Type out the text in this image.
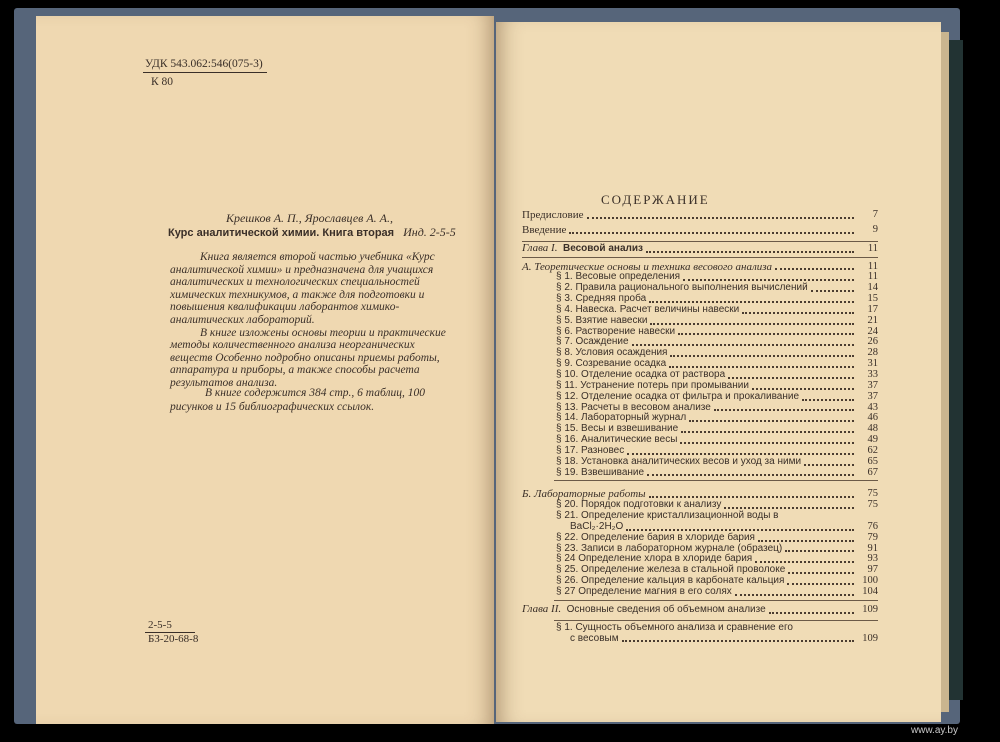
УДК 543.062:546(075-3)
К 80
Крешков А. П., Ярославцев А. А.,
Курс аналитической химии. Книга вторая Инд. 2-5-5

Книга является второй частью учебника «Курс аналитической химии» и предназначена для учащихся аналитических и технологических специальностей химических техникумов, а также для подготовки и повышения квалификации лаборантов химико-аналитических лабораторий.

В книге изложены основы теории и практические методы количественного анализа неорганических веществ Особенно подробно описаны приемы работы, аппаратура и приборы, а также способы расчета результатов анализа.

В книге содержится 384 стр., 6 таблиц, 100 рисунков и 15 библиографических ссылок.
2-5-5
БЗ-20-68-8
СОДЕРЖАНИЕ
Предисловие	7
Введение	9
Глава I. Весовой анализ	11
А. Теоретические основы и техника весового анализа	11
§ 1. Весовые определения	11
§ 2. Правила рационального выполнения вычислений	14
§ 3. Средняя проба	15
§ 4. Навеска. Расчет величины навески	17
§ 5. Взятие навески	21
§ 6. Растворение навески	24
§ 7. Осаждение	26
§ 8. Условия осаждения	28
§ 9. Созревание осадка	31
§ 10. Отделение осадка от раствора	33
§ 11. Устранение потерь при промывании	37
§ 12. Отделение осадка от фильтра и прокаливание	37
§ 13. Расчеты в весовом анализе	43
§ 14. Лабораторный журнал	46
§ 15. Весы и взвешивание	48
§ 16. Аналитические весы	49
§ 17. Разновес	62
§ 18. Установка аналитических весов и уход за ними	65
§ 19. Взвешивание	67
Б. Лабораторные работы	75
§ 20. Порядок подготовки к анализу	75
§ 21. Определение кристаллизационной воды в
BaCl₂·2H₂O	76
§ 22. Определение бария в хлориде бария	79
§ 23. Записи в лабораторном журнале (образец)	91
§ 24 Определение хлора в хлориде бария	93
§ 25. Определение железа в стальной проволоке	97
§ 26. Определение кальция в карбонате кальция	100
§ 27 Определение магния в его солях	104
Глава II. Основные сведения об объемном анализе	109
§ 1. Сущность объемного анализа и сравнение его
с весовым	109
www.ay.by
